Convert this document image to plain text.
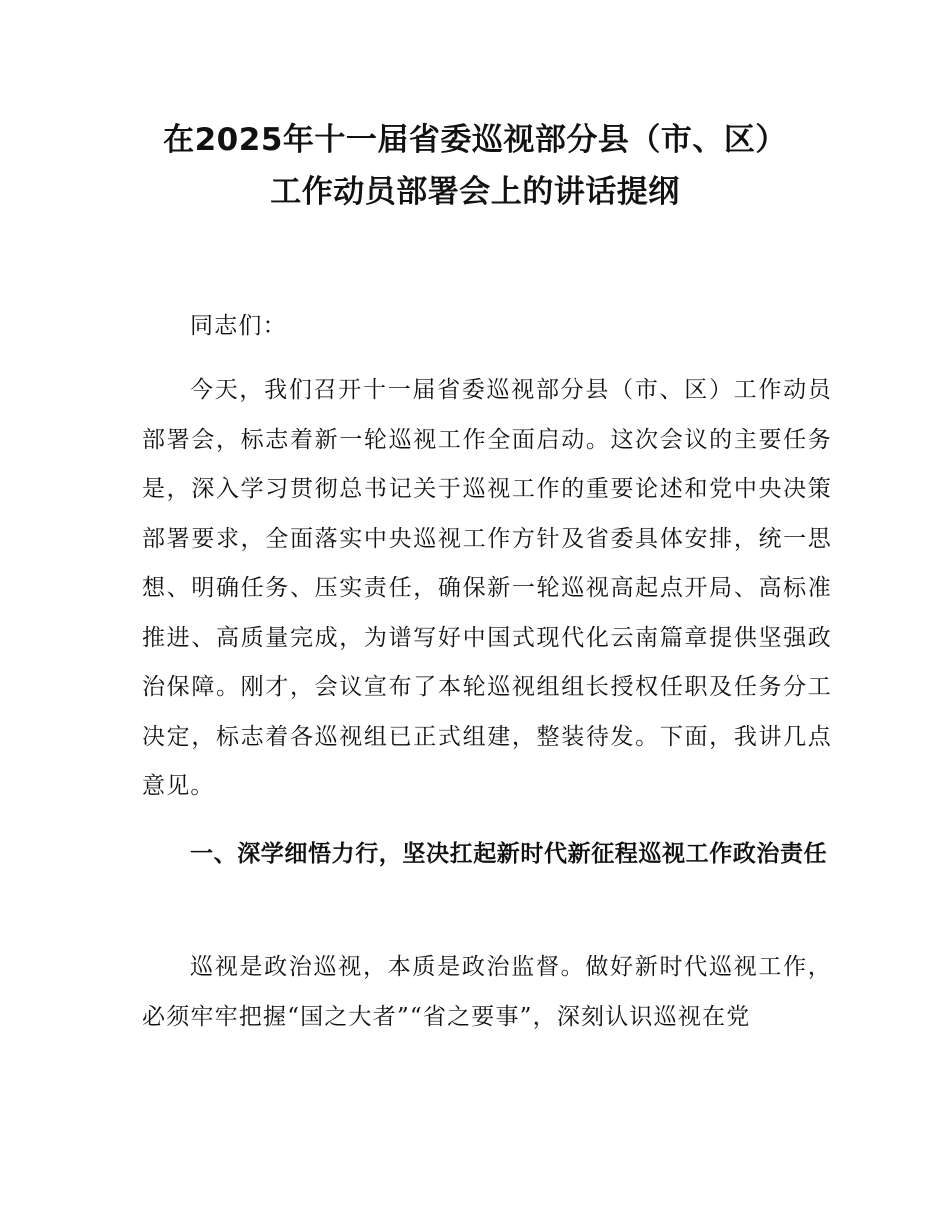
在2025年十一届省委巡视部分县（市、区）
工作动员部署会上的讲话提纲
同志们：
今天，我们召开十一届省委巡视部分县（市、区）工作动员部署会，标志着新一轮巡视工作全面启动。这次会议的主要任务是，深入学习贯彻总书记关于巡视工作的重要论述和党中央决策部署要求，全面落实中央巡视工作方针及省委具体安排，统一思想、明确任务、压实责任，确保新一轮巡视高起点开局、高标准推进、高质量完成，为谱写好中国式现代化云南篇章提供坚强政治保障。刚才，会议宣布了本轮巡视组组长授权任职及任务分工决定，标志着各巡视组已正式组建，整装待发。下面，我讲几点意见。
一、深学细悟力行，坚决扛起新时代新征程巡视工作政治责任
巡视是政治巡视，本质是政治监督。做好新时代巡视工作，必须牢牢把握“国之大者”“省之要事”，深刻认识巡视在党
